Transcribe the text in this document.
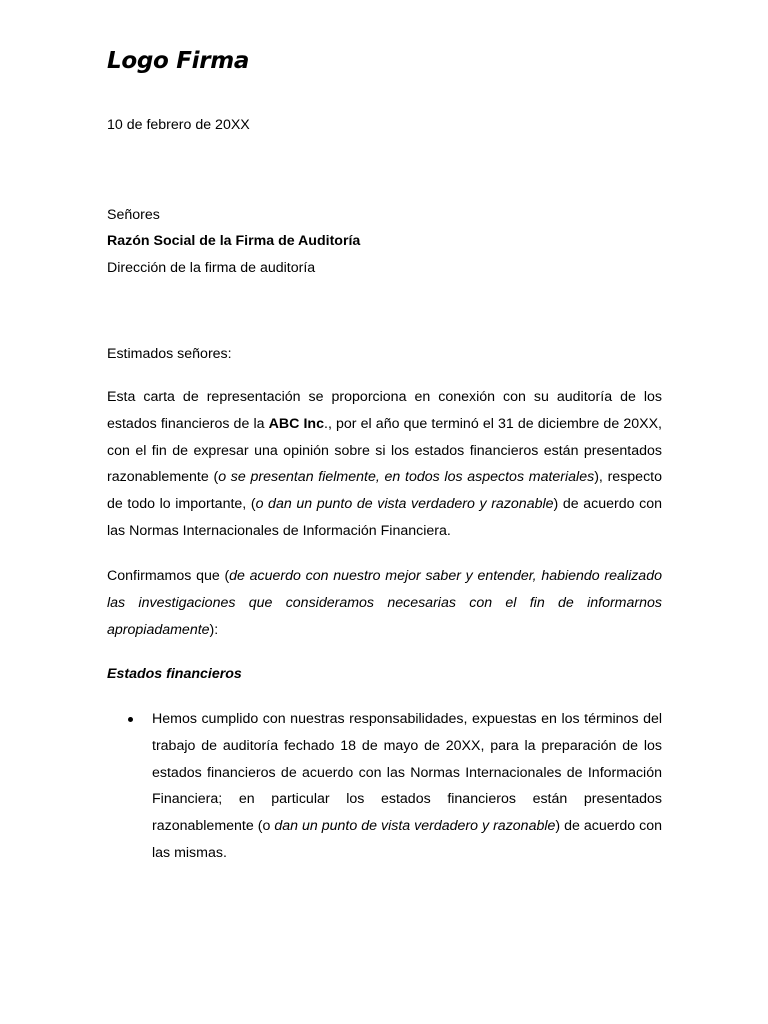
Logo Firma

10 de febrero de 20XX

Señores

Razón Social de la Firma de Auditoría

Dirección de la firma de auditoría

Estimados señores:

Esta carta de representación se proporciona en conexión con su auditoría de los estados financieros de la ABC Inc., por el año que terminó el 31 de diciembre de 20XX, con el fin de expresar una opinión sobre si los estados financieros están presentados razonablemente (o se presentan fielmente, en todos los aspectos materiales), respecto de todo lo importante, (o dan un punto de vista verdadero y razonable) de acuerdo con las Normas Internacionales de Información Financiera.

Confirmamos que (de acuerdo con nuestro mejor saber y entender, habiendo realizado las investigaciones que consideramos necesarias con el fin de informarnos apropiadamente):

Estados financieros
Hemos cumplido con nuestras responsabilidades, expuestas en los términos del trabajo de auditoría fechado 18 de mayo de 20XX, para la preparación de los estados financieros de acuerdo con las Normas Internacionales de Información Financiera; en particular los estados financieros están presentados razonablemente (o dan un punto de vista verdadero y razonable) de acuerdo con las mismas.
